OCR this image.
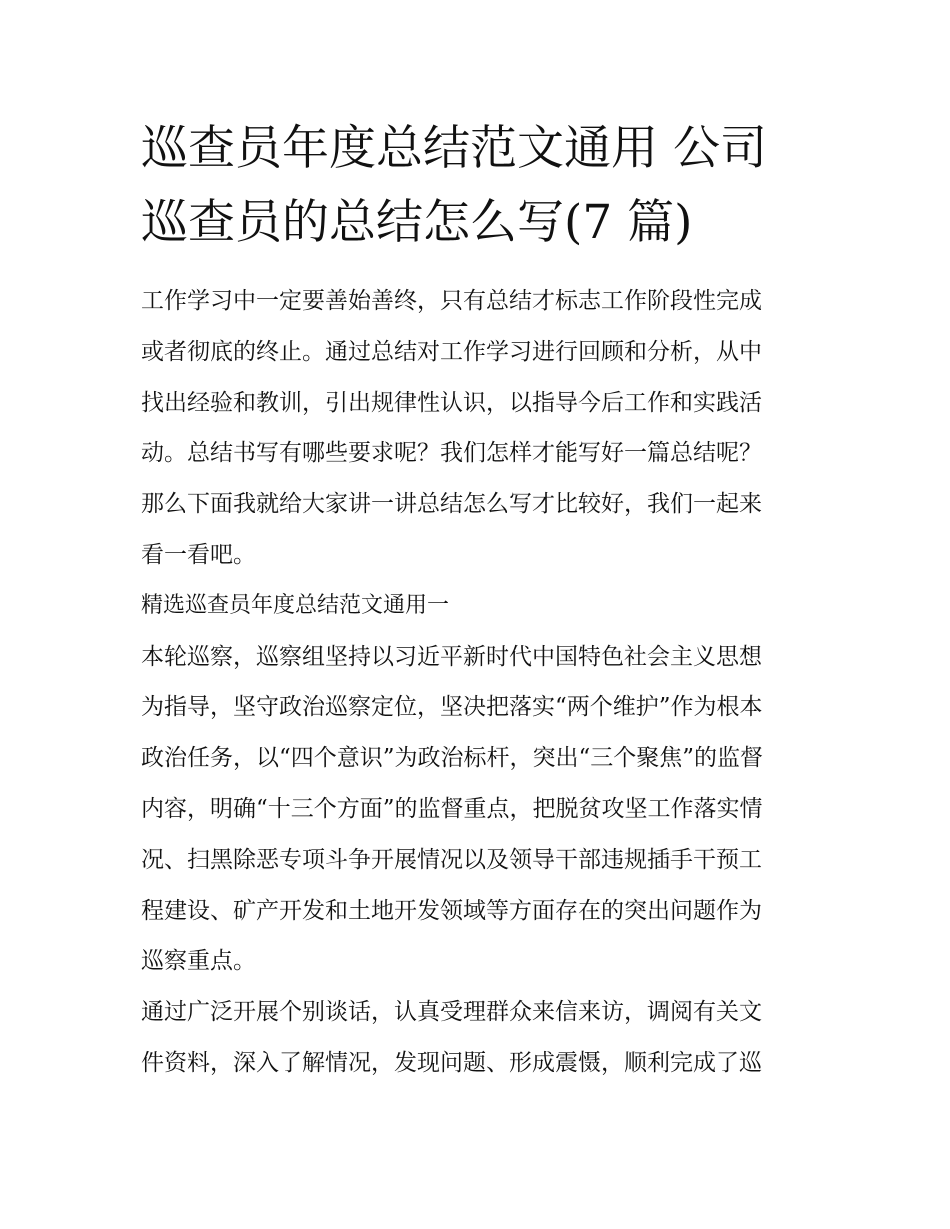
巡查员年度总结范文通用 公司
巡查员的总结怎么写(7 篇)
工作学习中一定要善始善终，只有总结才标志工作阶段性完成
或者彻底的终止。通过总结对工作学习进行回顾和分析，从中
找出经验和教训，引出规律性认识，以指导今后工作和实践活
动。总结书写有哪些要求呢？我们怎样才能写好一篇总结呢？
那么下面我就给大家讲一讲总结怎么写才比较好，我们一起来
看一看吧。
精选巡查员年度总结范文通用一
本轮巡察，巡察组坚持以习近平新时代中国特色社会主义思想
为指导，坚守政治巡察定位，坚决把落实“两个维护”作为根本
政治任务，以“四个意识”为政治标杆，突出“三个聚焦”的监督
内容，明确“十三个方面”的监督重点，把脱贫攻坚工作落实情
况、扫黑除恶专项斗争开展情况以及领导干部违规插手干预工
程建设、矿产开发和土地开发领域等方面存在的突出问题作为
巡察重点。
通过广泛开展个别谈话，认真受理群众来信来访，调阅有关文
件资料，深入了解情况，发现问题、形成震慑，顺利完成了巡
